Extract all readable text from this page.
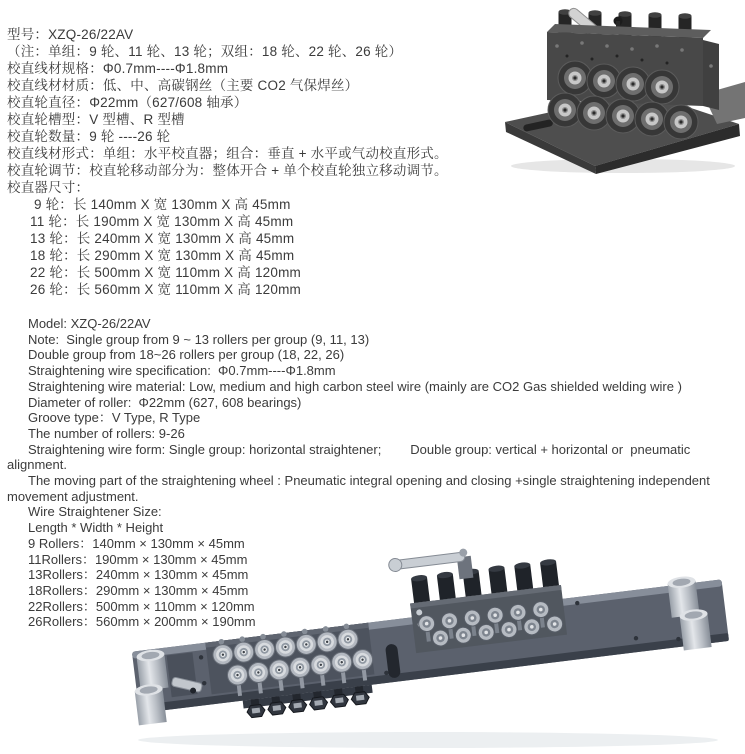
型号：XZQ-26/22AV
（注：单组：9 轮、11 轮、13 轮；双组：18 轮、22 轮、26 轮）
校直线材规格：Φ0.7mm----Φ1.8mm
校直线材材质：低、中、高碳钢丝（主要 CO2 气保焊丝）
校直轮直径：Φ22mm（627/608 轴承）
校直轮槽型：V 型槽、R 型槽
校直轮数量：9 轮 ----26 轮
校直线材形式：单组：水平校直器；组合：垂直 + 水平或气动校直形式。
校直轮调节：校直轮移动部分为：整体开合 + 单个校直轮独立移动调节。
校直器尺寸：
9 轮：长 140mm X 宽 130mm X 高 45mm
11 轮：长 190mm X 宽 130mm X 高 45mm
13 轮：长 240mm X 宽 130mm X 高 45mm
18 轮：长 290mm X 宽 130mm X 高 45mm
22 轮：长 500mm X 宽 110mm X 高 120mm
26 轮：长 560mm X 宽 110mm X 高 120mm
Model: XZQ-26/22AV
Note:  Single group from 9 ~ 13 rollers per group (9, 11, 13)
Double group from 18~26 rollers per group (18, 22, 26)
Straightening wire specification:  Φ0.7mm----Φ1.8mm
Straightening wire material: Low, medium and high carbon steel wire (mainly are CO2 Gas shielded welding wire )
Diameter of roller:  Φ22mm (627, 608 bearings)
Groove type：V Type, R Type
The number of rollers: 9-26
Straightening wire form: Single group: horizontal straightener;        Double group: vertical + horizontal or  pneumatic
alignment.
The moving part of the straightening wheel : Pneumatic integral opening and closing +single straightening independent
movement adjustment.
Wire Straightener Size:
Length * Width * Height
9 Rollers：140mm × 130mm × 45mm
11Rollers：190mm × 130mm × 45mm
13Rollers：240mm × 130mm × 45mm
18Rollers：290mm × 130mm × 45mm
22Rollers：500mm × 110mm × 120mm
26Rollers：560mm × 200mm × 190mm
